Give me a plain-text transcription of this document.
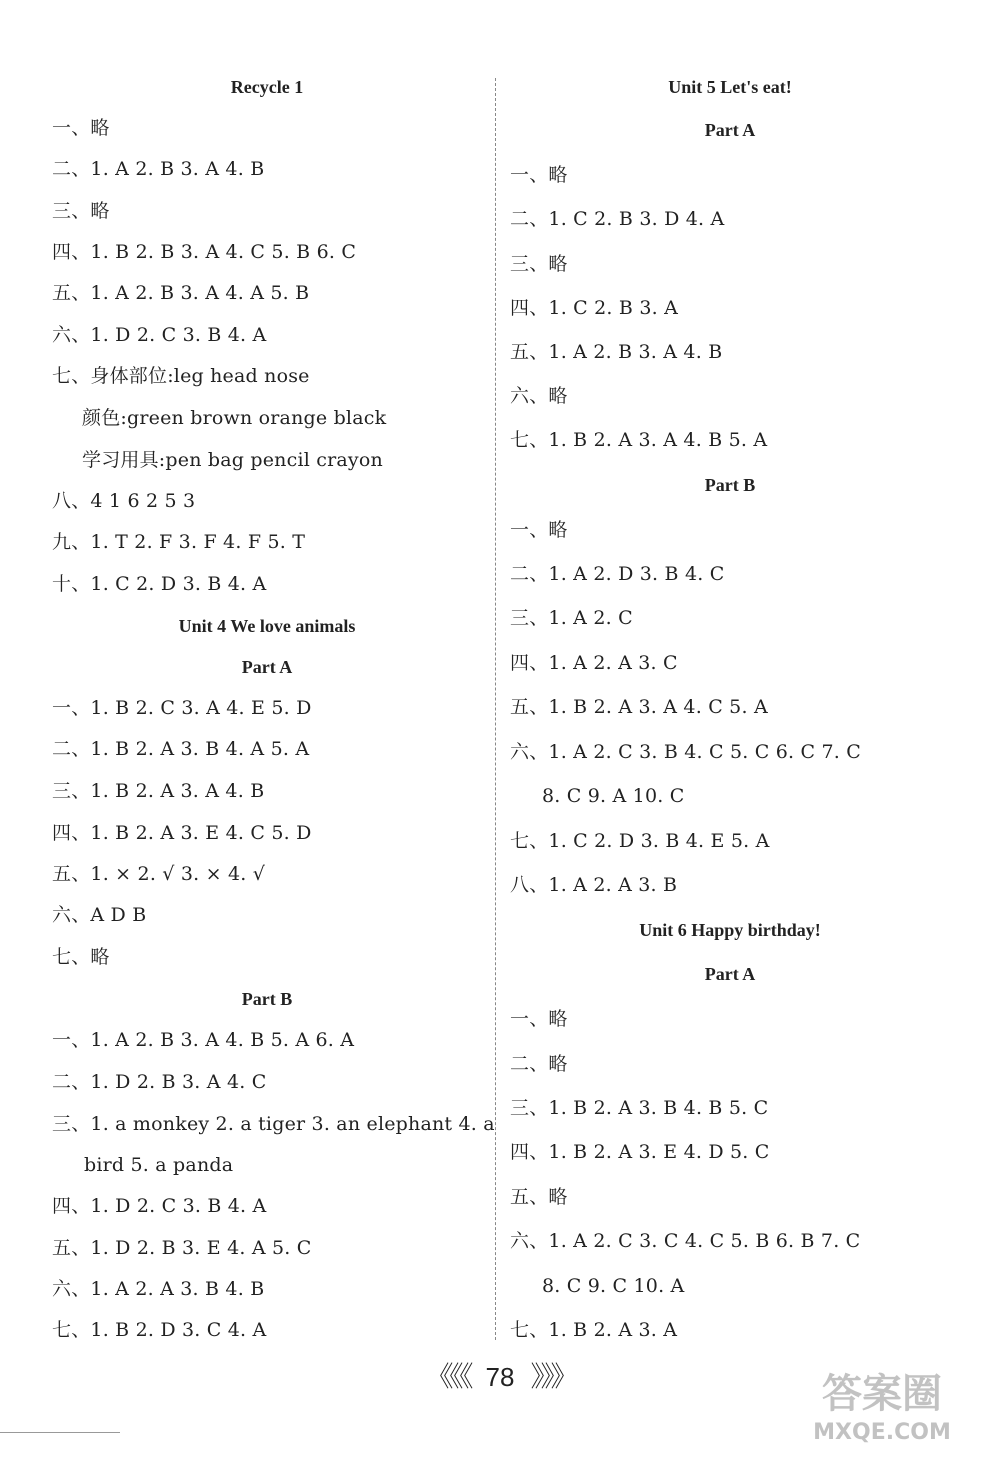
Recycle 1
一、略
二、1. A 2. B 3. A 4. B
三、略
四、1. B 2. B 3. A 4. C 5. B 6. C
五、1. A 2. B 3. A 4. A 5. B
六、1. D 2. C 3. B 4. A
七、身体部位:leg head nose
颜色:green brown orange black
学习用具:pen bag pencil crayon
八、4 1 6 2 5 3
九、1. T 2. F 3. F 4. F 5. T
十、1. C 2. D 3. B 4. A
Unit 4 We love animals
Part A
一、1. B 2. C 3. A 4. E 5. D
二、1. B 2. A 3. B 4. A 5. A
三、1. B 2. A 3. A 4. B
四、1. B 2. A 3. E 4. C 5. D
五、1. × 2. √ 3. × 4. √
六、A D B
七、略
Part B
一、1. A 2. B 3. A 4. B 5. A 6. A
二、1. D 2. B 3. A 4. C
三、1. a monkey 2. a tiger 3. an elephant 4. a
bird 5. a panda
四、1. D 2. C 3. B 4. A
五、1. D 2. B 3. E 4. A 5. C
六、1. A 2. A 3. B 4. B
七、1. B 2. D 3. C 4. A
Unit 5 Let's eat!
Part A
一、略
二、1. C 2. B 3. D 4. A
三、略
四、1. C 2. B 3. A
五、1. A 2. B 3. A 4. B
六、略
七、1. B 2. A 3. A 4. B 5. A
Part B
一、略
二、1. A 2. D 3. B 4. C
三、1. A 2. C
四、1. A 2. A 3. C
五、1. B 2. A 3. A 4. C 5. A
六、1. A 2. C 3. B 4. C 5. C 6. C 7. C
8. C 9. A 10. C
七、1. C 2. D 3. B 4. E 5. A
八、1. A 2. A 3. B
Unit 6 Happy birthday!
Part A
一、略
二、略
三、1. B 2. A 3. B 4. B 5. C
四、1. B 2. A 3. E 4. D 5. C
五、略
六、1. A 2. C 3. C 4. C 5. B 6. B 7. C
8. C 9. C 10. A
七、1. B 2. A 3. A
《《《 78 》》》	答案圈
MXQE.COM
